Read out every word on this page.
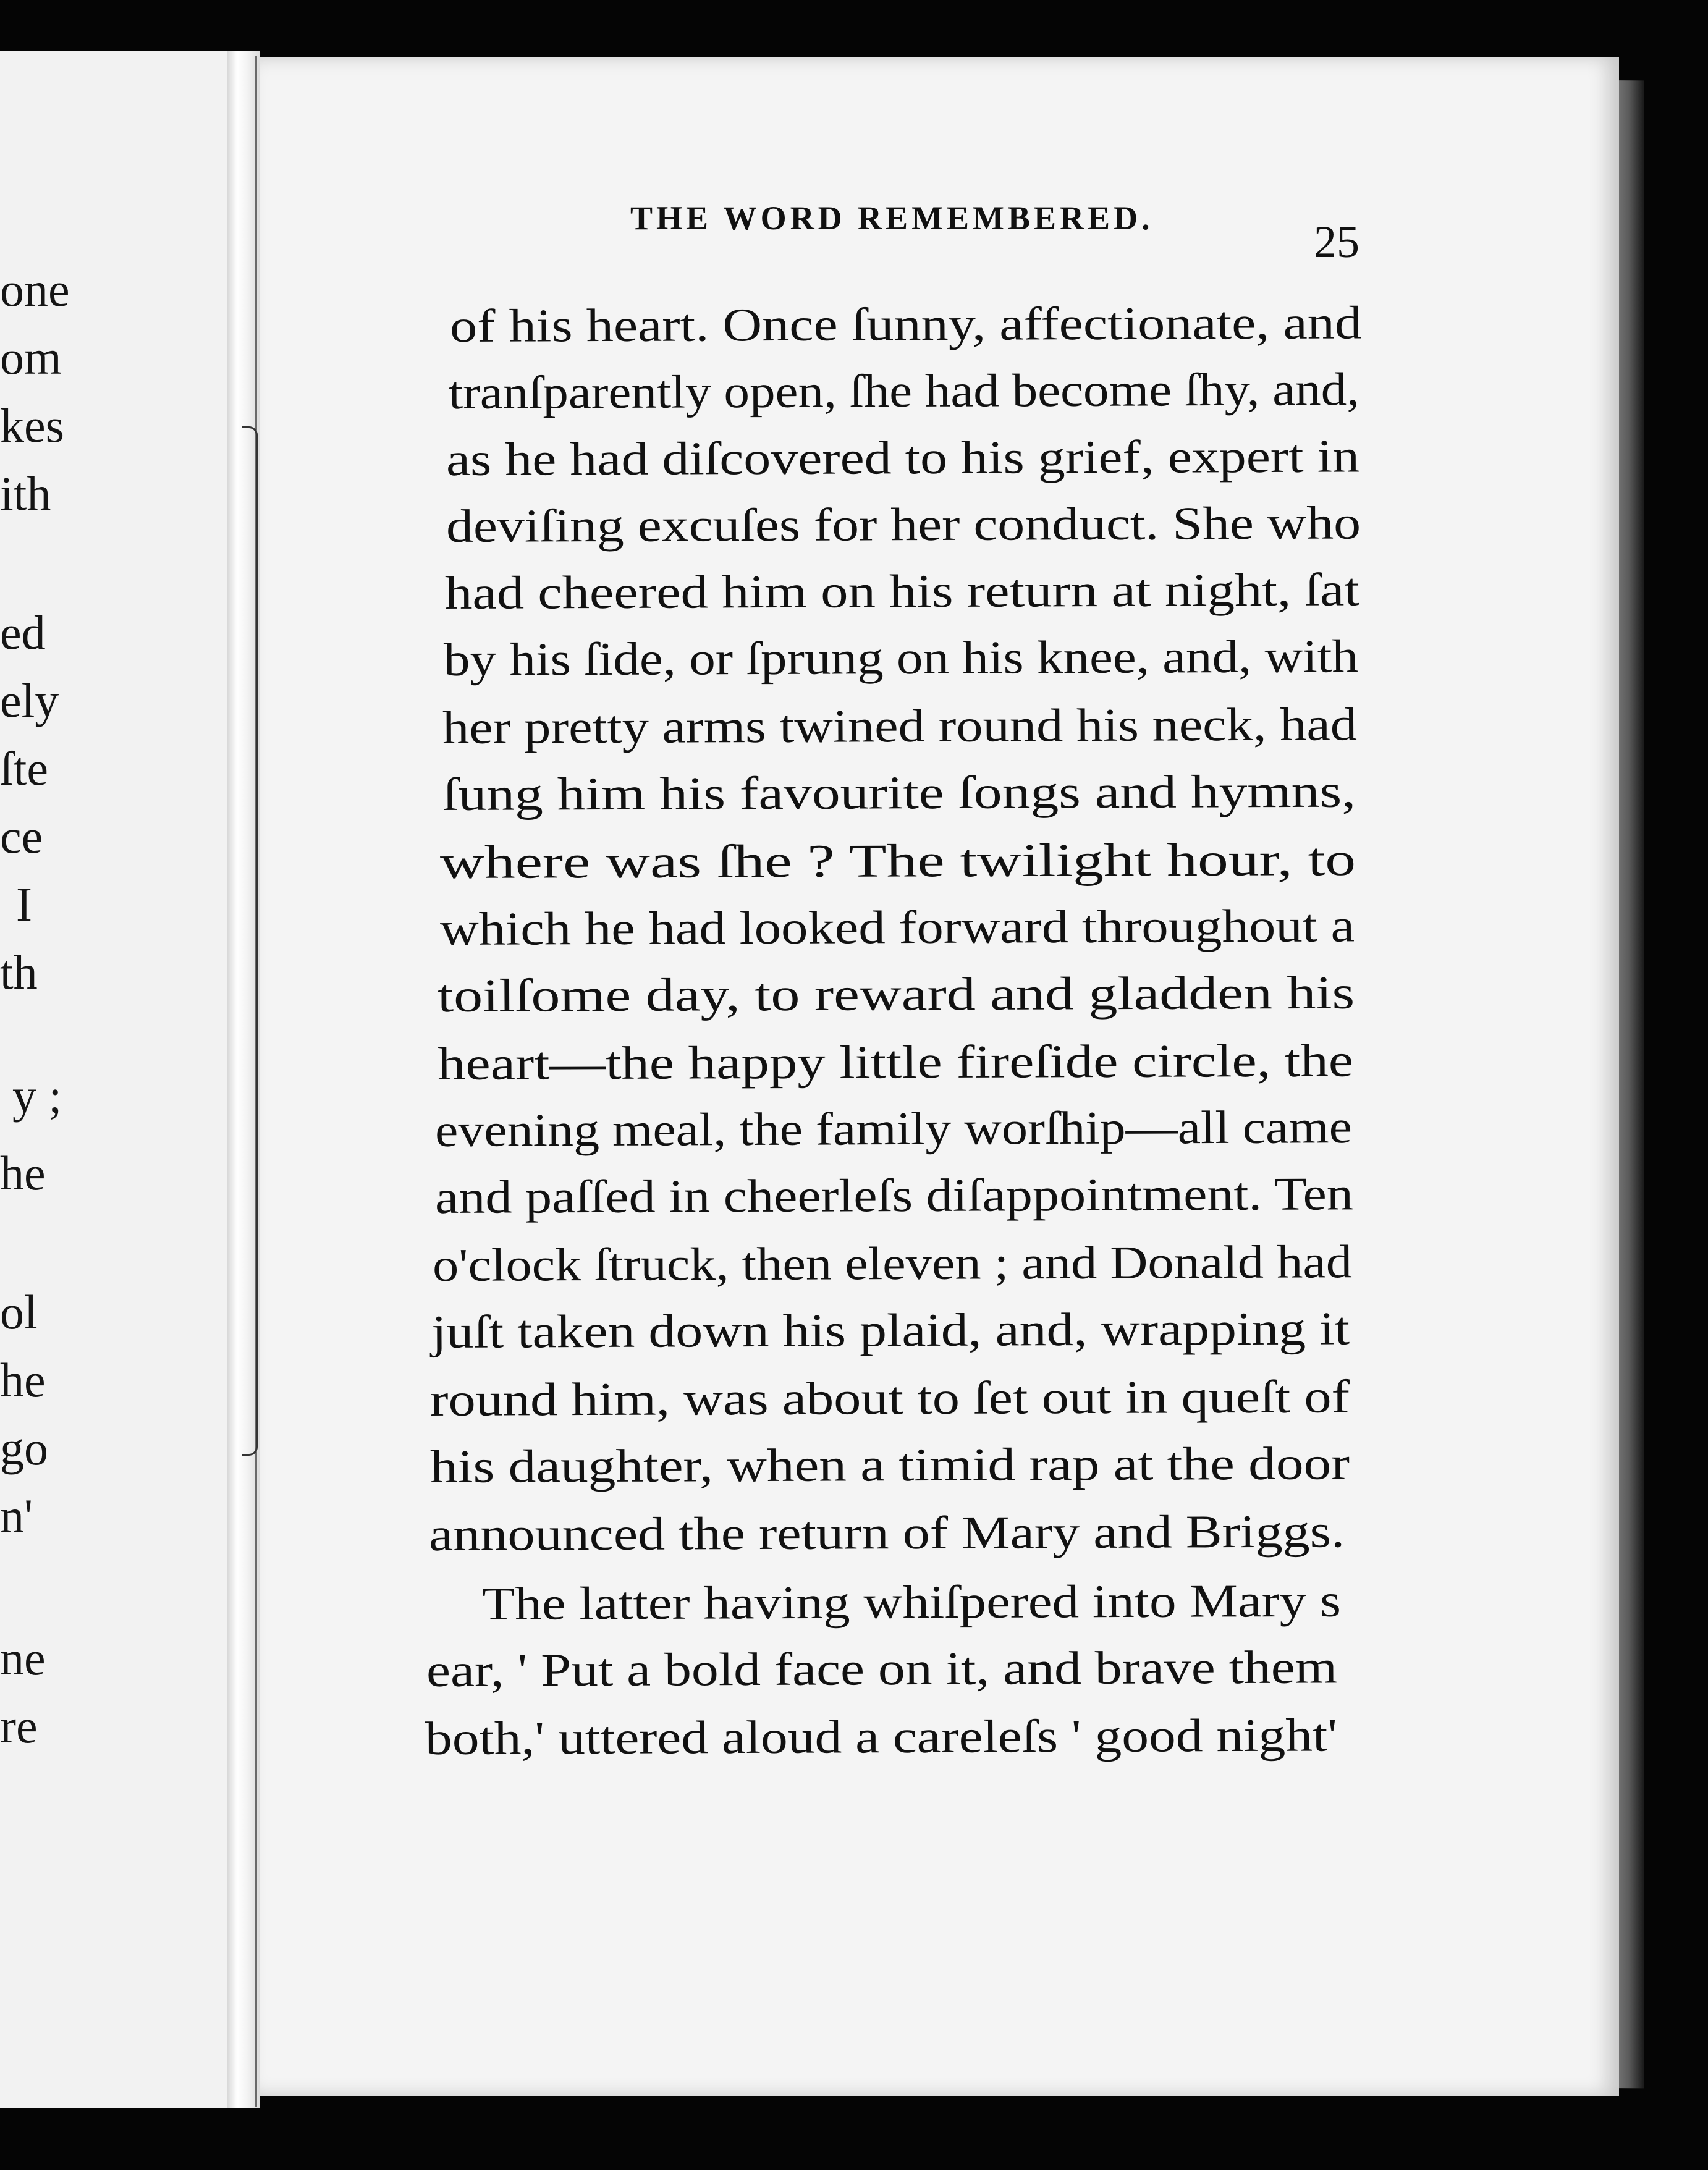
one
om
kes
ith
ed
ely
ſte
ce
I
th
y ;
he
ol
he
go
n'
ne
re
THE WORD REMEMBERED.	25
of his heart. Once ſunny, affectionate, and
tranſparently open, ſhe had become ſhy, and,
as he had diſcovered to his grief, expert in
deviſing excuſes for her conduct. She who
had cheered him on his return at night, ſat
by his ſide, or ſprung on his knee, and, with
her pretty arms twined round his neck, had
ſung him his favourite ſongs and hymns,
where was ſhe ? The twilight hour, to
which he had looked forward throughout a
toilſome day, to reward and gladden his
heart—the happy little fireſide circle, the
evening meal, the family worſhip—all came
and paſſed in cheerleſs diſappointment. Ten
o'clock ſtruck, then eleven ; and Donald had
juſt taken down his plaid, and, wrapping it
round him, was about to ſet out in queſt of
his daughter, when a timid rap at the door
announced the return of Mary and Briggs.
The latter having whiſpered into Mary s
ear, ' Put a bold face on it, and brave them
both,' uttered aloud a careleſs ' good night'
